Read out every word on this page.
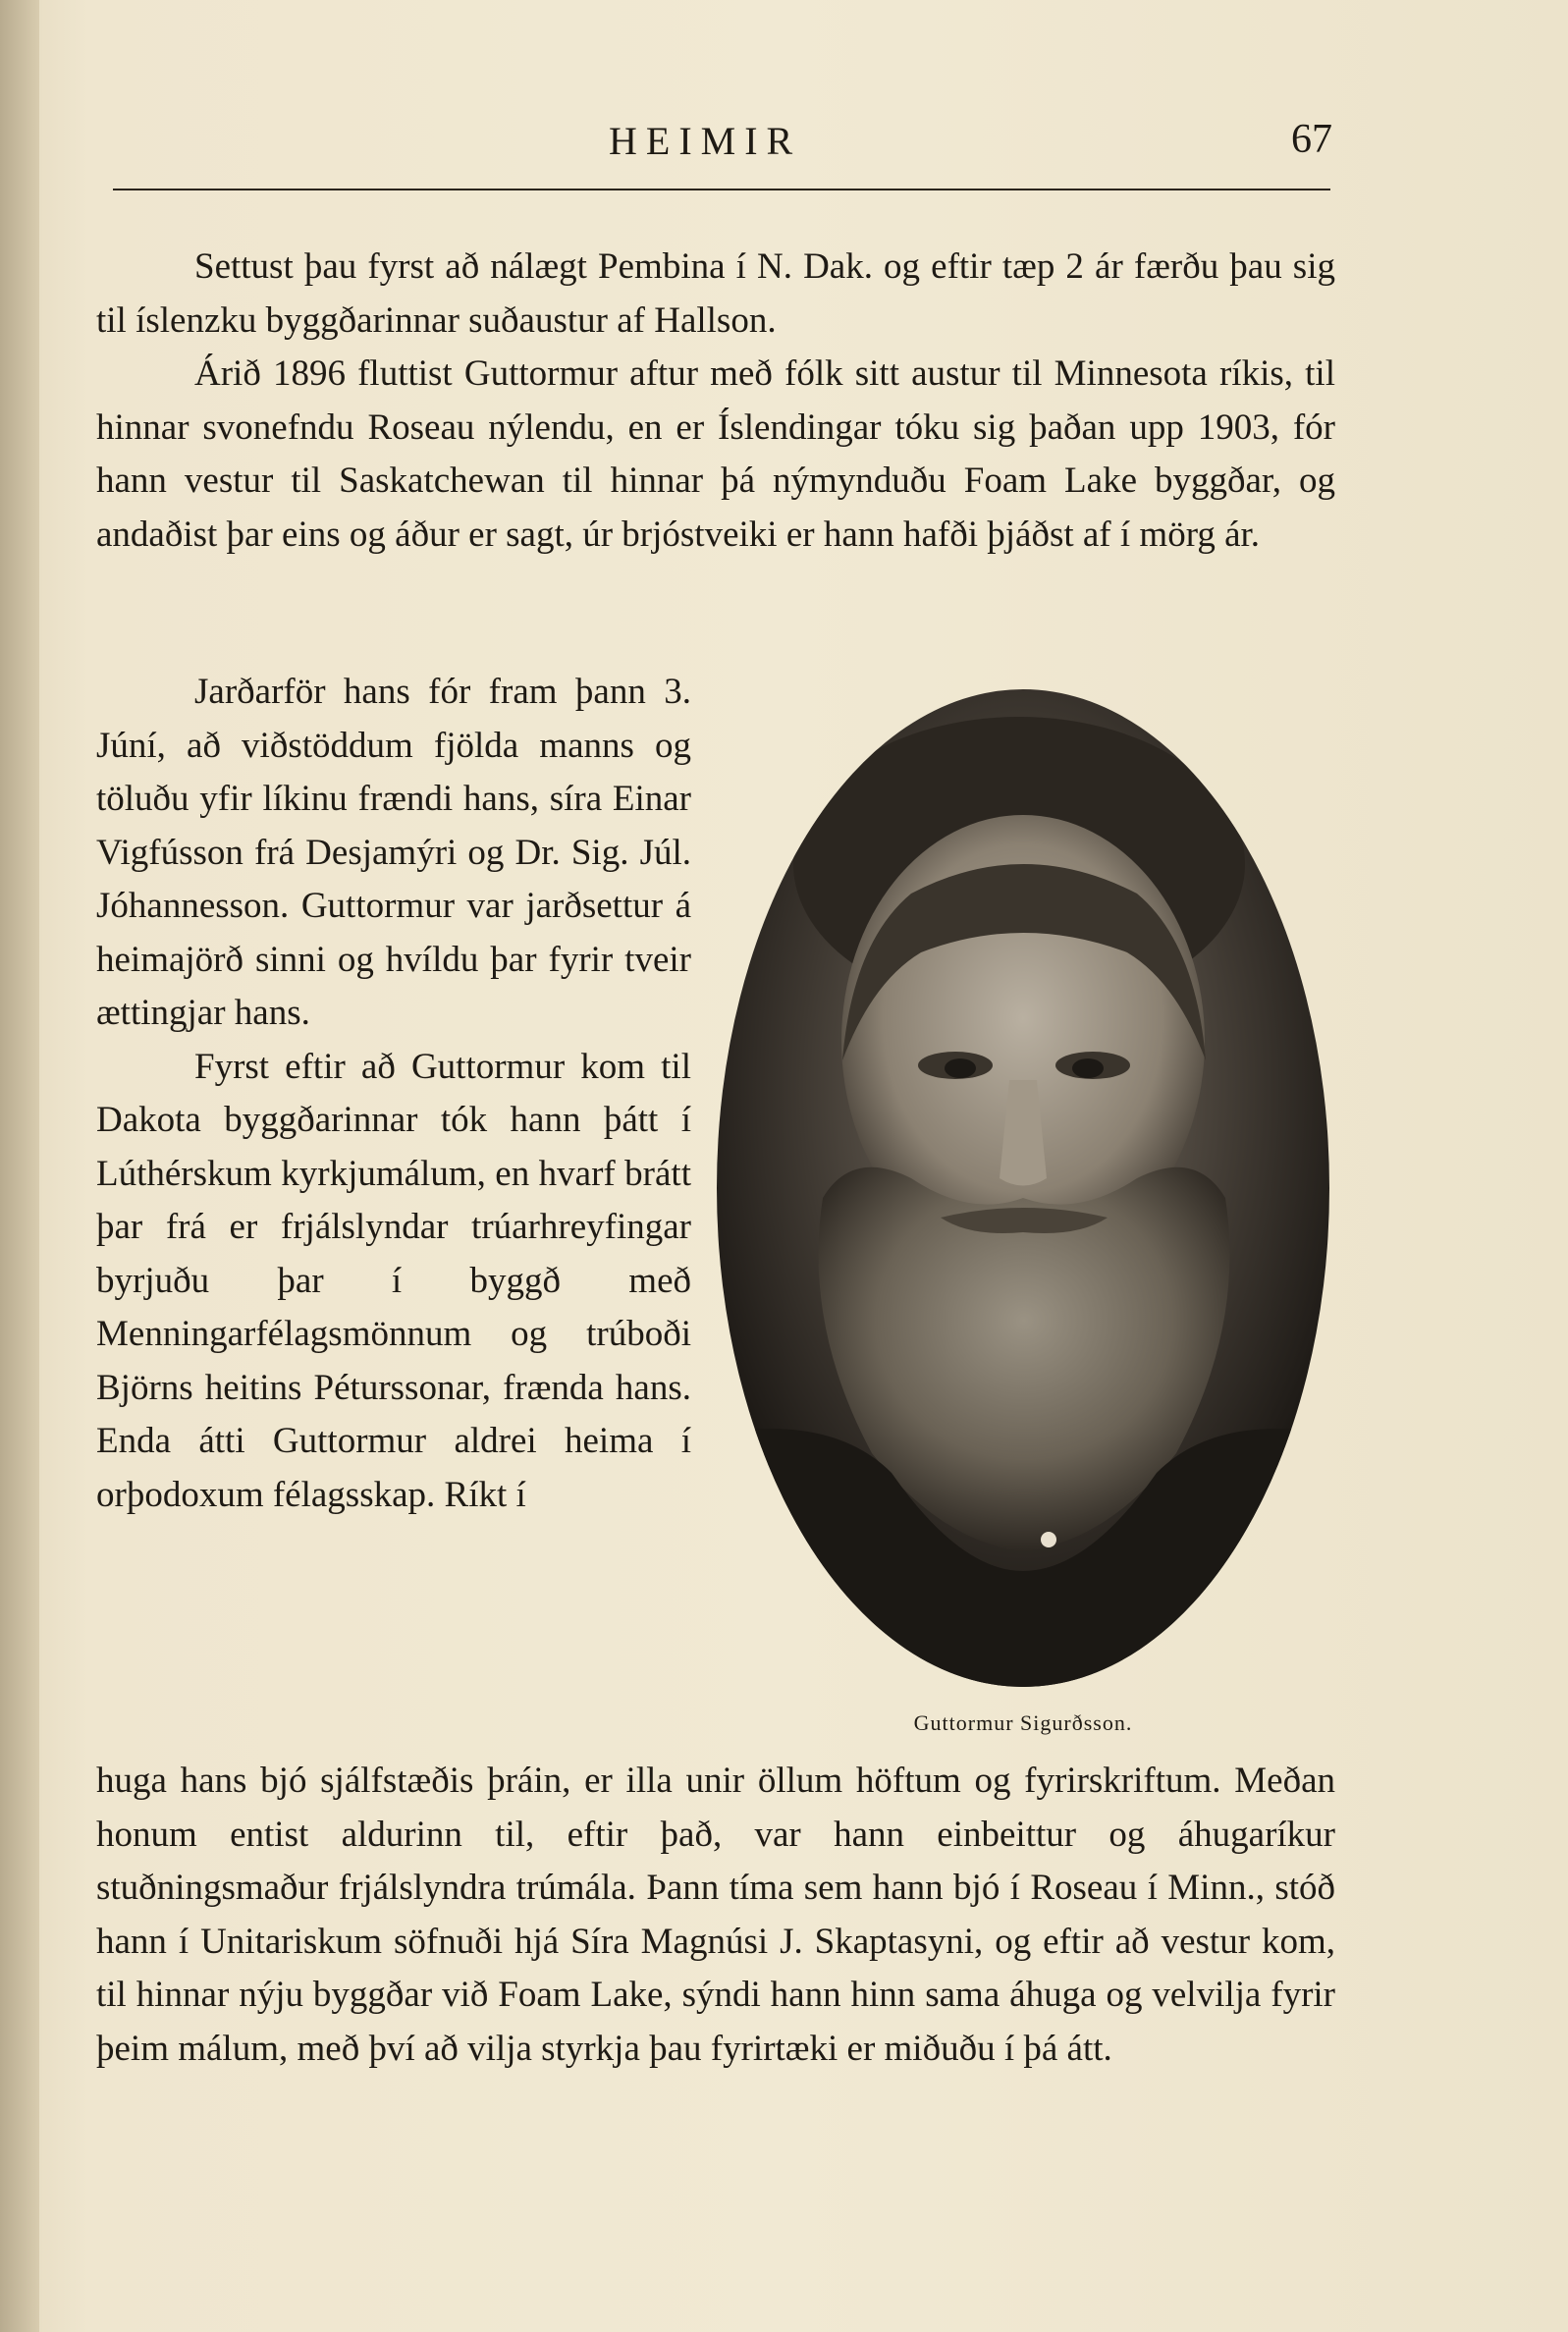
HEIMIR	67

Settust þau fyrst að nálægt Pembina í N. Dak. og eftir tæp 2 ár færðu þau sig til íslenzku byggðarinnar suðaustur af Hallson.

Árið 1896 fluttist Guttormur aftur með fólk sitt austur til Minnesota ríkis, til hinnar svonefndu Roseau nýlendu, en er Íslendingar tóku sig þaðan upp 1903, fór hann vestur til Saskatchewan til hinnar þá nýmynduðu Foam Lake byggðar, og andaðist þar eins og áður er sagt, úr brjóstveiki er hann hafði þjáðst af í mörg ár.

Jarðarför hans fór fram þann 3. Júní, að viðstöddum fjölda manns og töluðu yfir líkinu frændi hans, síra Einar Vigfússon frá Desjamýri og Dr. Sig. Júl. Jóhannesson. Guttormur var jarðsettur á heimajörð sinni og hvíldu þar fyrir tveir ættingjar hans.

Fyrst eftir að Guttormur kom til Dakota byggðarinnar tók hann þátt í Lúthérskum kyrkjumálum, en hvarf brátt þar frá er frjálslyndar trúarhreyfingar byrjuðu þar í byggð með Menningarfélagsmönnum og trúboði Björns heitins Péturssonar, frænda hans. Enda átti Guttormur aldrei heima í orþodoxum félagsskap. Ríkt í

Guttormur Sigurðsson.

huga hans bjó sjálfstæðis þráin, er illa unir öllum höftum og fyrirskriftum. Meðan honum entist aldurinn til, eftir það, var hann einbeittur og áhugaríkur stuðningsmaður frjálslyndra trúmála. Þann tíma sem hann bjó í Roseau í Minn., stóð hann í Unitariskum söfnuði hjá Síra Magnúsi J. Skaptasyni, og eftir að vestur kom, til hinnar nýju byggðar við Foam Lake, sýndi hann hinn sama áhuga og velvilja fyrir þeim málum, með því að vilja styrkja þau fyrirtæki er miðuðu í þá átt.
